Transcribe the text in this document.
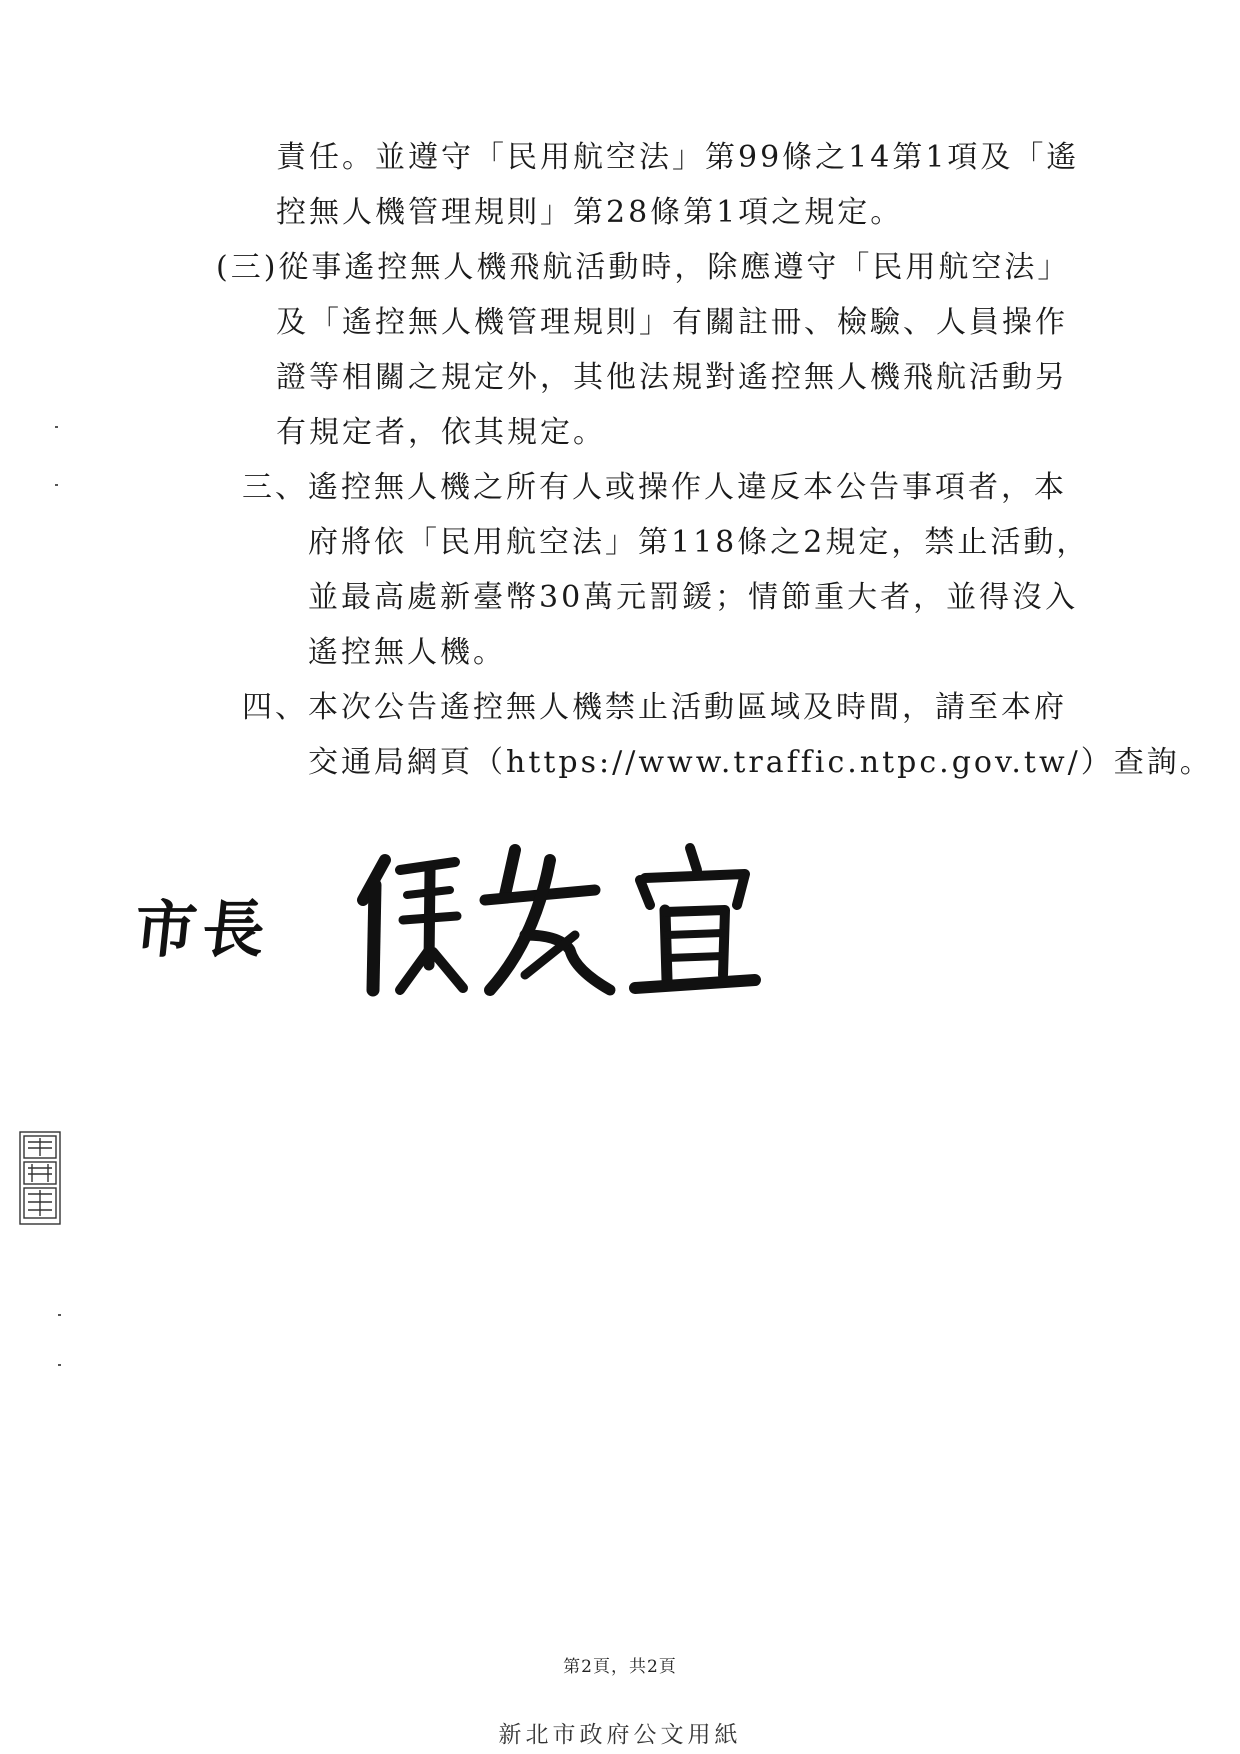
責任。並遵守「民用航空法」第99條之14第1項及「遙
控無人機管理規則」第28條第1項之規定。
(三)從事遙控無人機飛航活動時，除應遵守「民用航空法」
及「遙控無人機管理規則」有關註冊、檢驗、人員操作
證等相關之規定外，其他法規對遙控無人機飛航活動另
有規定者，依其規定。
三、遙控無人機之所有人或操作人違反本公告事項者，本
府將依「民用航空法」第118條之2規定，禁止活動，
並最高處新臺幣30萬元罰鍰；情節重大者，並得沒入
遙控無人機。
四、本次公告遙控無人機禁止活動區域及時間，請至本府
交通局網頁（https://www.traffic.ntpc.gov.tw/）查詢。
市長
第2頁，共2頁
新北市政府公文用紙
